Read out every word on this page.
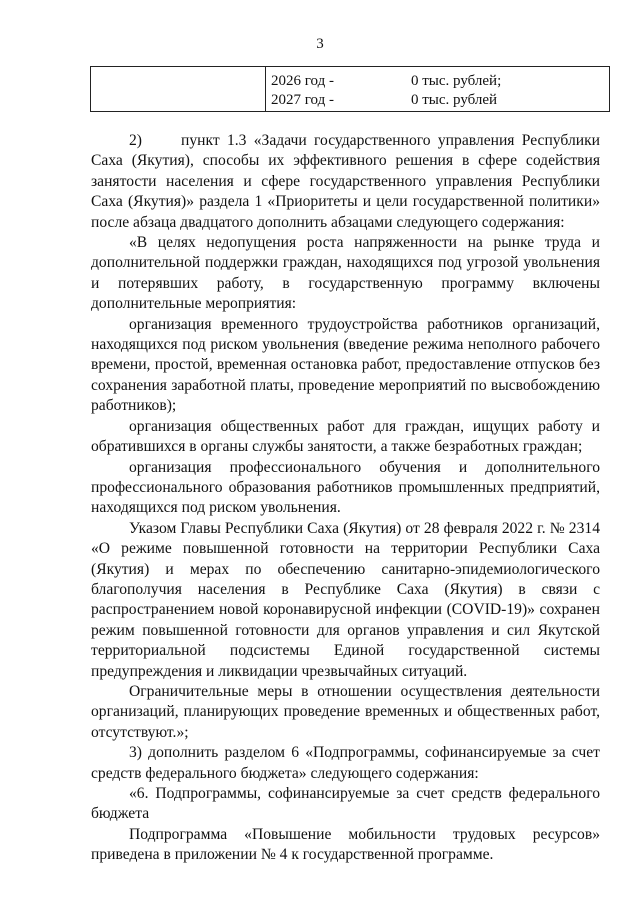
3
2026 год -	0 тыс. рублей;
2027 год -	0 тыс. рублей

2)	пункт 1.3 «Задачи государственного управления Республики Саха (Якутия), способы их эффективного решения в сфере содействия занятости населения и сфере государственного управления Республики Саха (Якутия)» раздела 1 «Приоритеты и цели государственной политики» после абзаца двадцатого дополнить абзацами следующего содержания:

«В целях недопущения роста напряженности на рынке труда и дополнительной поддержки граждан, находящихся под угрозой увольнения и потерявших работу, в государственную программу включены дополнительные мероприятия:

организация временного трудоустройства работников организаций, находящихся под риском увольнения (введение режима неполного рабочего времени, простой, временная остановка работ, предоставление отпусков без сохранения заработной платы, проведение мероприятий по высвобождению работников);

организация общественных работ для граждан, ищущих работу и обратившихся в органы службы занятости, а также безработных граждан;

организация профессионального обучения и дополнительного профессионального образования работников промышленных предприятий, находящихся под риском увольнения.

Указом Главы Республики Саха (Якутия) от 28 февраля 2022 г. № 2314 «О режиме повышенной готовности на территории Республики Саха (Якутия) и мерах по обеспечению санитарно-эпидемиологического благополучия населения в Республике Саха (Якутия) в связи с распространением новой коронавирусной инфекции (COVID-19)» сохранен режим повышенной готовности для органов управления и сил Якутской территориальной подсистемы Единой государственной системы предупреждения и ликвидации чрезвычайных ситуаций.

Ограничительные меры в отношении осуществления деятельности организаций, планирующих проведение временных и общественных работ, отсутствуют.»;

3) дополнить разделом 6 «Подпрограммы, софинансируемые за счет средств федерального бюджета» следующего содержания:

«6. Подпрограммы, софинансируемые за счет средств федерального бюджета

Подпрограмма «Повышение мобильности трудовых ресурсов» приведена в приложении № 4 к государственной программе.
